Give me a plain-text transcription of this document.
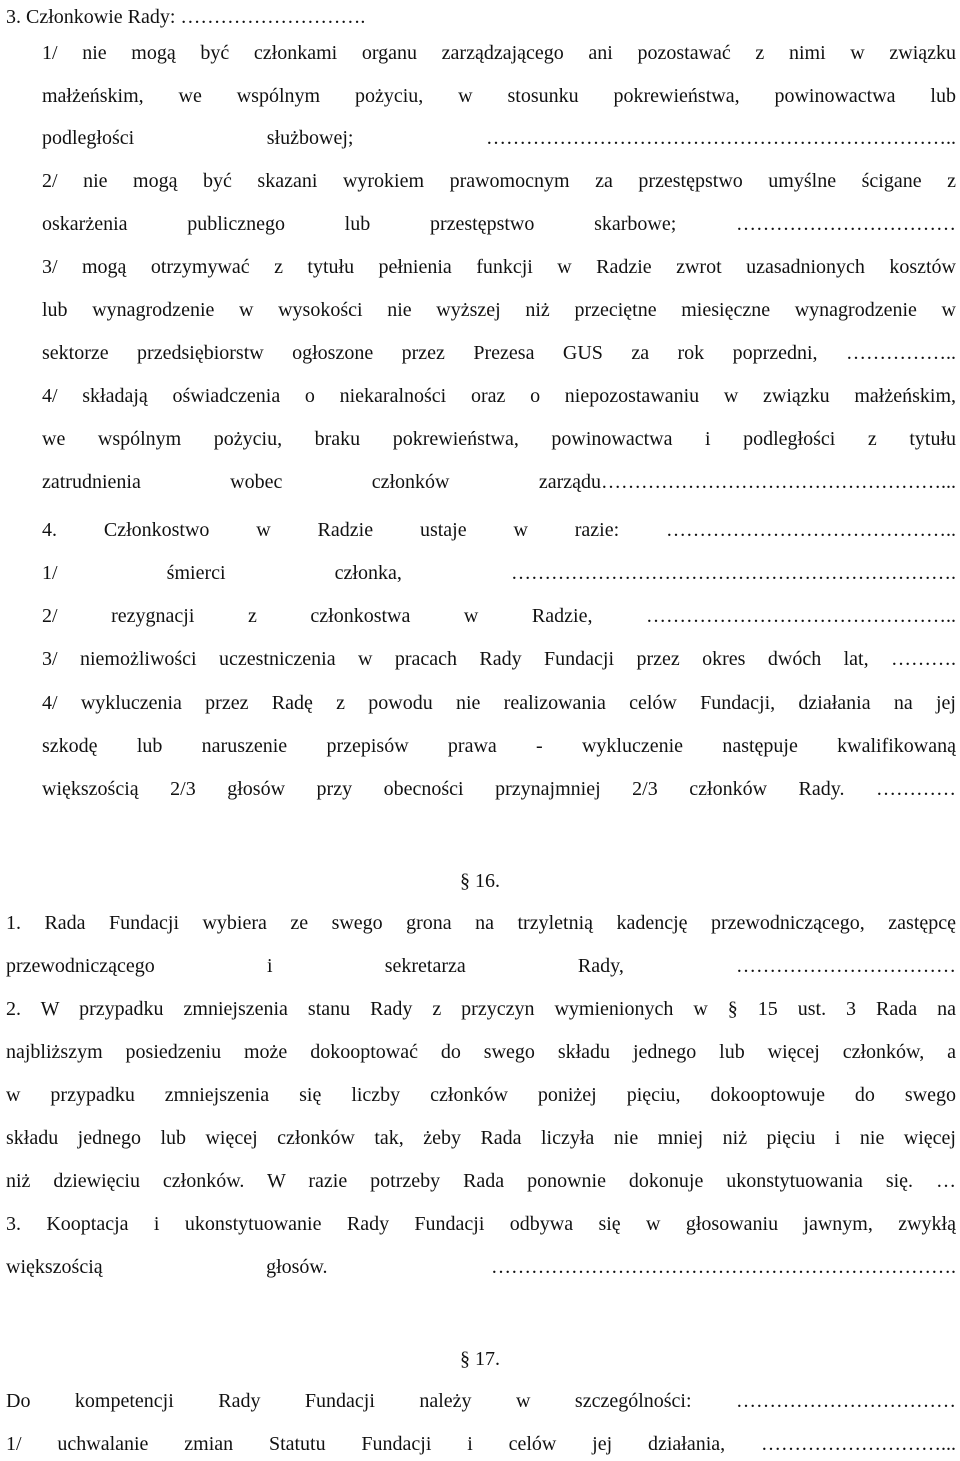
3. Członkowie Rady: ……………………….
1/ nie mogą być członkami organu zarządzającego ani pozostawać z nimi w związku
małżeńskim, we wspólnym pożyciu, w stosunku pokrewieństwa, powinowactwa lub
podległości służbowej; ……………………………………………………………..
2/ nie mogą być skazani wyrokiem prawomocnym za przestępstwo umyślne ścigane z
oskarżenia publicznego lub przestępstwo skarbowe; ……………………………
3/ mogą otrzymywać z tytułu pełnienia funkcji w Radzie zwrot uzasadnionych kosztów
lub wynagrodzenie w wysokości nie wyższej niż przeciętne miesięczne wynagrodzenie w
sektorze przedsiębiorstw ogłoszone przez Prezesa GUS za rok poprzedni, ……………..
4/ składają oświadczenia o niekaralności oraz o niepozostawaniu w związku małżeńskim,
we wspólnym pożyciu, braku pokrewieństwa, powinowactwa i podległości z tytułu
zatrudnienia wobec członków zarządu……………………………………………...
4. Członkostwo w Radzie ustaje w razie: ……………………………………..
1/ śmierci członka, ………………………………………………………….
2/ rezygnacji z członkostwa w Radzie, ………………………………………..
3/ niemożliwości uczestniczenia w pracach Rady Fundacji przez okres dwóch lat, ……….
4/ wykluczenia przez Radę z powodu nie realizowania celów Fundacji, działania na jej
szkodę lub naruszenie przepisów prawa - wykluczenie następuje kwalifikowaną
większością 2/3 głosów przy obecności przynajmniej 2/3 członków Rady. …………
§ 16.
1. Rada Fundacji wybiera ze swego grona na trzyletnią kadencję przewodniczącego, zastępcę
przewodniczącego i sekretarza Rady, ……………………………
2. W przypadku zmniejszenia stanu Rady z przyczyn wymienionych w § 15 ust. 3 Rada na
najbliższym posiedzeniu może dokooptować do swego składu jednego lub więcej członków, a
w przypadku zmniejszenia się liczby członków poniżej pięciu, dokooptowuje do swego
składu jednego lub więcej członków tak, żeby Rada liczyła nie mniej niż pięciu i nie więcej
niż dziewięciu członków. W razie potrzeby Rada ponownie dokonuje ukonstytuowania się. …
3. Kooptacja i ukonstytuowanie Rady Fundacji odbywa się w głosowaniu jawnym, zwykłą
większością głosów. …………………………………………………………….
§ 17.
Do kompetencji Rady Fundacji należy w szczególności: ……………………………
1/ uchwalanie zmian Statutu Fundacji i celów jej działania, ………………………...
